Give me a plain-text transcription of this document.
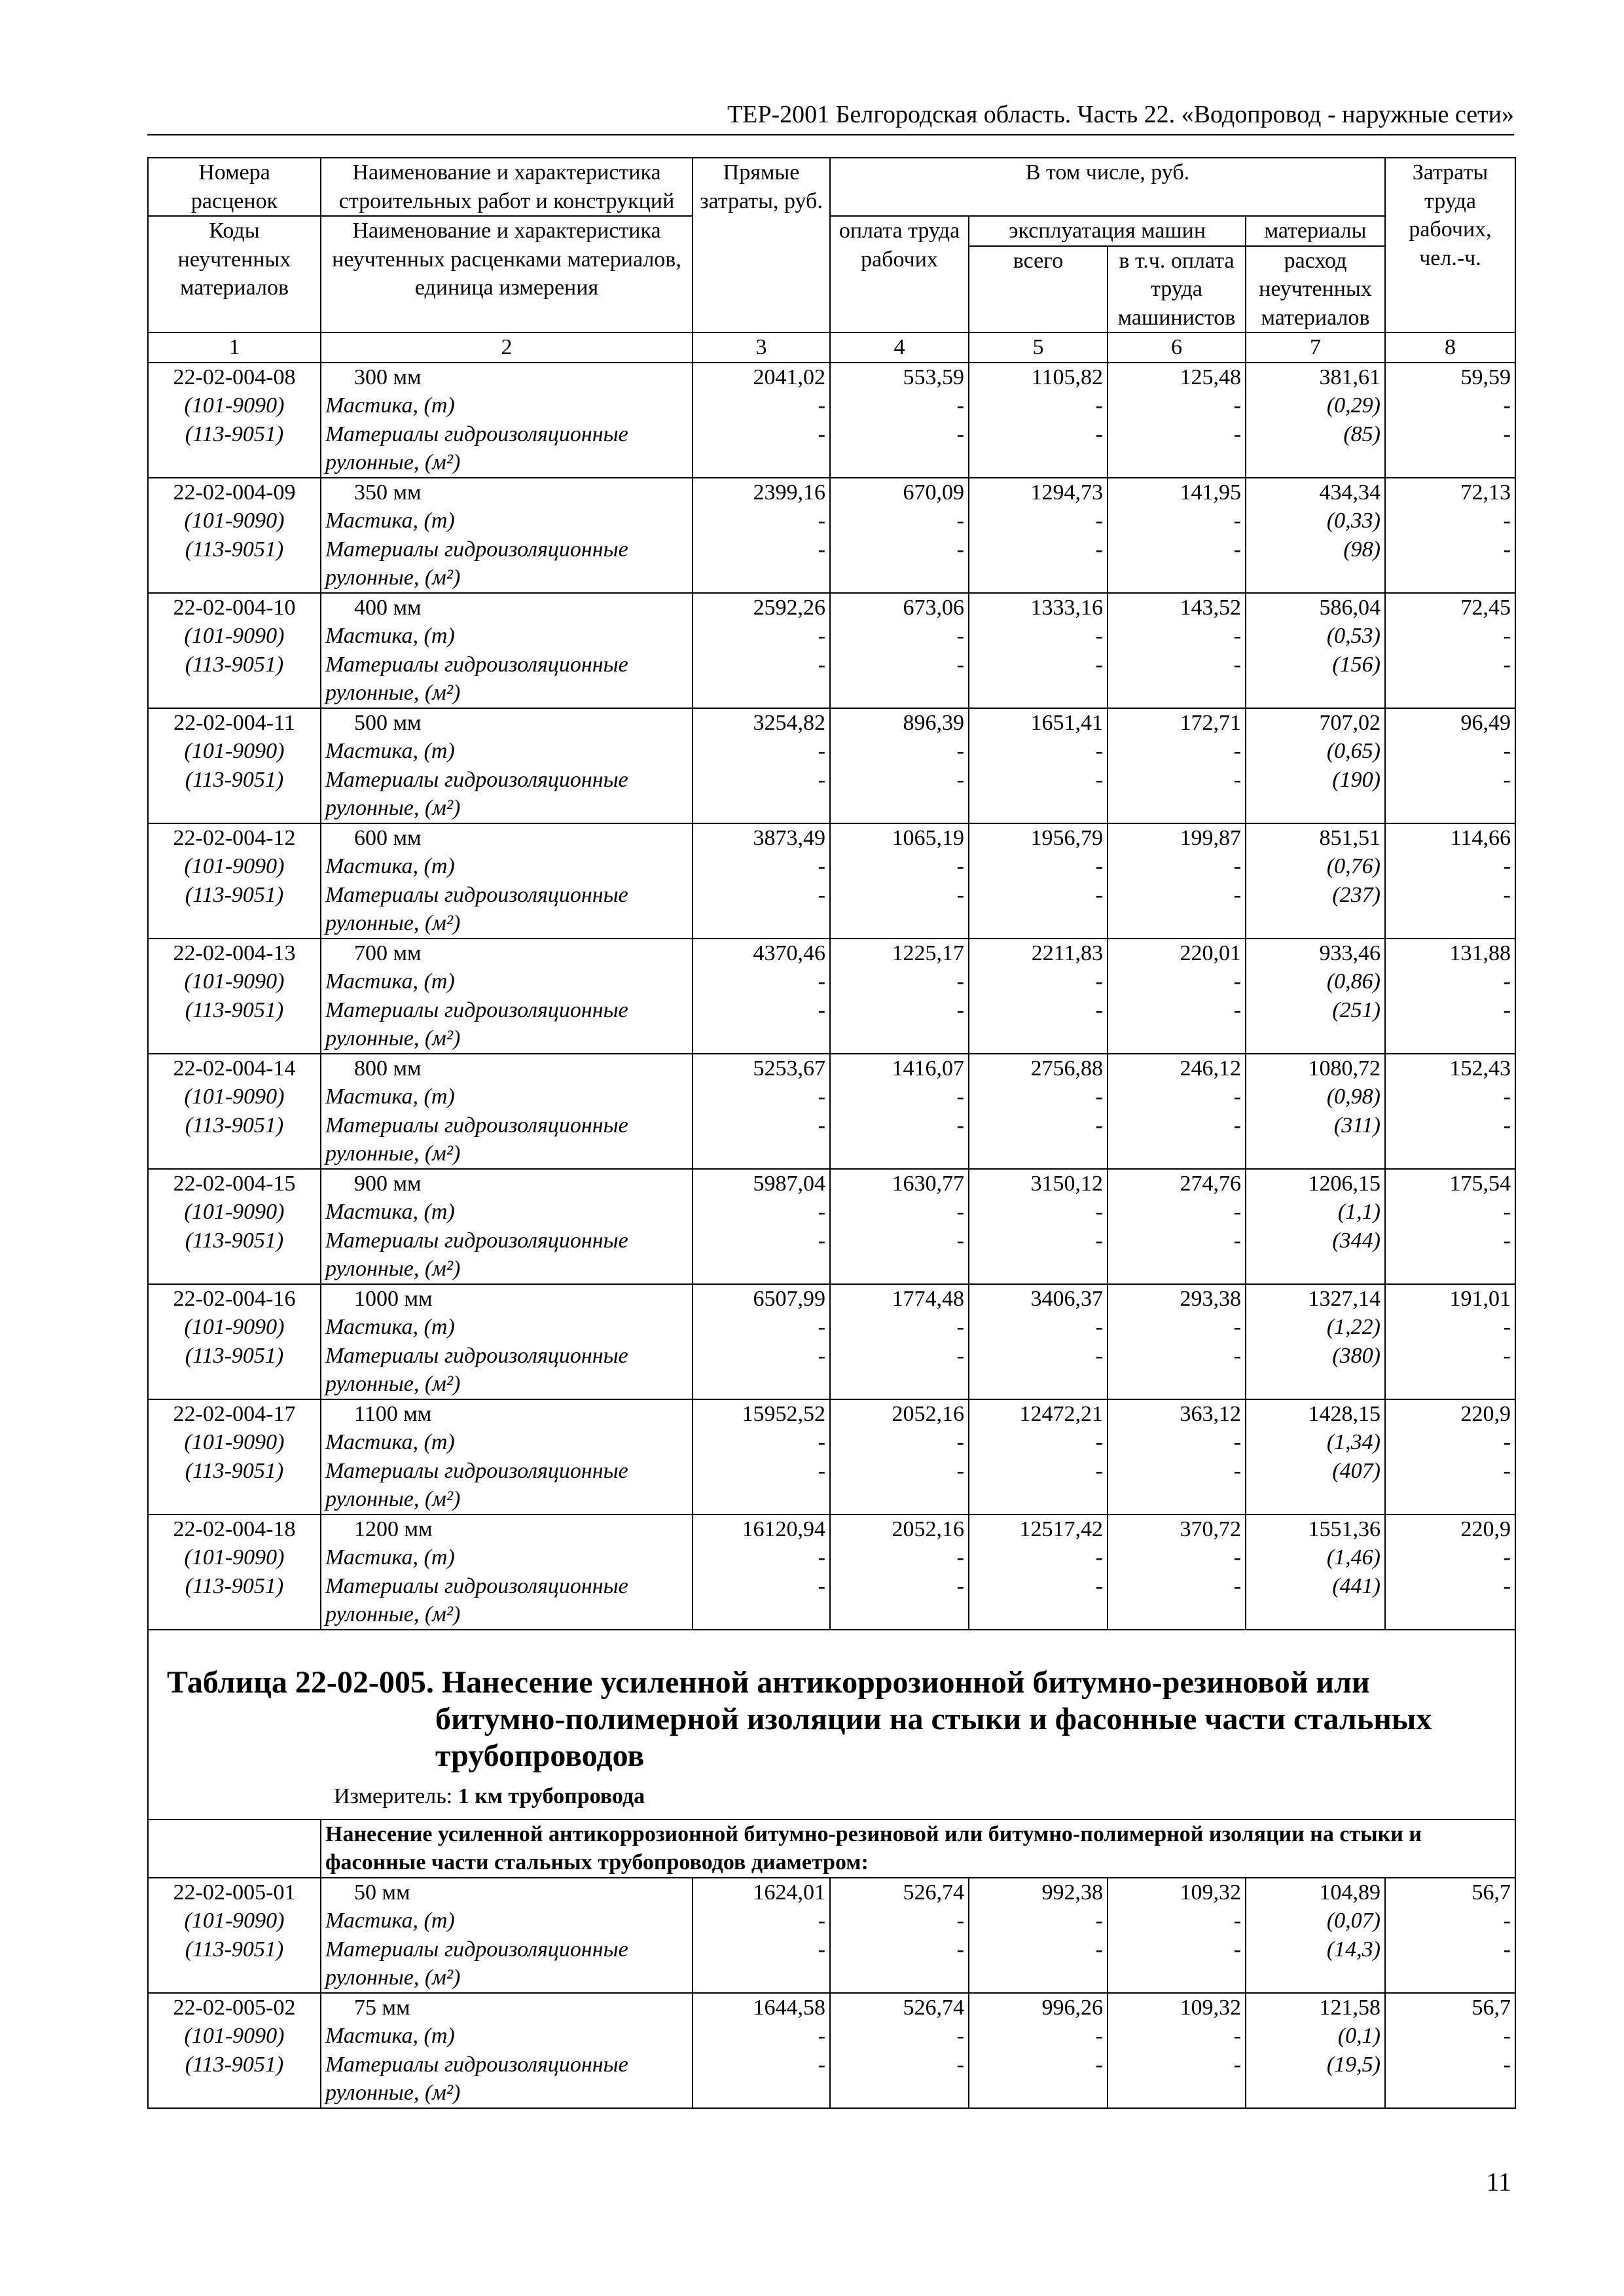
ТЕР-2001 Белгородская область. Часть 22. «Водопровод - наружные сети»
Номера расценок	Наименование и характеристика строительных работ и конструкций	Прямые затраты, руб.	В том числе, руб.				Затраты труда рабочих, чел.-ч.
Коды неучтенных материалов	Наименование и характеристика неучтенных расценками материалов, единица измерения		оплата труда рабочих	эксплуатация машин		материалы	
				всего	в т.ч. оплата труда машинистов	расход неучтенных материалов	
1	2	3	4	5	6	7	8
22-02-004-08	300 мм	2041,02	553,59	1105,82	125,48	381,61	59,59
(101-9090)	Мастика, (т)	-	-	-	-	(0,29)	-
(113-9051)	Материалы гидроизоляционные	-	-	-	-	(85)	-
	рулонные, (м²)						
22-02-004-09	350 мм	2399,16	670,09	1294,73	141,95	434,34	72,13
(101-9090)	Мастика, (т)	-	-	-	-	(0,33)	-
(113-9051)	Материалы гидроизоляционные	-	-	-	-	(98)	-
	рулонные, (м²)						
22-02-004-10	400 мм	2592,26	673,06	1333,16	143,52	586,04	72,45
(101-9090)	Мастика, (т)	-	-	-	-	(0,53)	-
(113-9051)	Материалы гидроизоляционные	-	-	-	-	(156)	-
	рулонные, (м²)						
22-02-004-11	500 мм	3254,82	896,39	1651,41	172,71	707,02	96,49
(101-9090)	Мастика, (т)	-	-	-	-	(0,65)	-
(113-9051)	Материалы гидроизоляционные	-	-	-	-	(190)	-
	рулонные, (м²)						
22-02-004-12	600 мм	3873,49	1065,19	1956,79	199,87	851,51	114,66
(101-9090)	Мастика, (т)	-	-	-	-	(0,76)	-
(113-9051)	Материалы гидроизоляционные	-	-	-	-	(237)	-
	рулонные, (м²)						
22-02-004-13	700 мм	4370,46	1225,17	2211,83	220,01	933,46	131,88
(101-9090)	Мастика, (т)	-	-	-	-	(0,86)	-
(113-9051)	Материалы гидроизоляционные	-	-	-	-	(251)	-
	рулонные, (м²)						
22-02-004-14	800 мм	5253,67	1416,07	2756,88	246,12	1080,72	152,43
(101-9090)	Мастика, (т)	-	-	-	-	(0,98)	-
(113-9051)	Материалы гидроизоляционные	-	-	-	-	(311)	-
	рулонные, (м²)						
22-02-004-15	900 мм	5987,04	1630,77	3150,12	274,76	1206,15	175,54
(101-9090)	Мастика, (т)	-	-	-	-	(1,1)	-
(113-9051)	Материалы гидроизоляционные	-	-	-	-	(344)	-
	рулонные, (м²)						
22-02-004-16	1000 мм	6507,99	1774,48	3406,37	293,38	1327,14	191,01
(101-9090)	Мастика, (т)	-	-	-	-	(1,22)	-
(113-9051)	Материалы гидроизоляционные	-	-	-	-	(380)	-
	рулонные, (м²)						
22-02-004-17	1100 мм	15952,52	2052,16	12472,21	363,12	1428,15	220,9
(101-9090)	Мастика, (т)	-	-	-	-	(1,34)	-
(113-9051)	Материалы гидроизоляционные	-	-	-	-	(407)	-
	рулонные, (м²)						
22-02-004-18	1200 мм	16120,94	2052,16	12517,42	370,72	1551,36	220,9
(101-9090)	Мастика, (т)	-	-	-	-	(1,46)	-
(113-9051)	Материалы гидроизоляционные	-	-	-	-	(441)	-
	рулонные, (м²)						

Таблица 22-02-005. Нанесение усиленной антикоррозионной битумно-резиновой или
битумно-полимерной изоляции на стыки и фасонные части стальных
трубопроводов
Измеритель: 1 км трубопровода							

	Нанесение усиленной антикоррозионной битумно-резиновой или битумно-полимерной изоляции на стыки и фасонные части стальных трубопроводов диаметром:						
22-02-005-01	50 мм	1624,01	526,74	992,38	109,32	104,89	56,7
(101-9090)	Мастика, (т)	-	-	-	-	(0,07)	-
(113-9051)	Материалы гидроизоляционные	-	-	-	-	(14,3)	-
	рулонные, (м²)						
22-02-005-02	75 мм	1644,58	526,74	996,26	109,32	121,58	56,7
(101-9090)	Мастика, (т)	-	-	-	-	(0,1)	-
(113-9051)	Материалы гидроизоляционные	-	-	-	-	(19,5)	-
	рулонные, (м²)						
11
